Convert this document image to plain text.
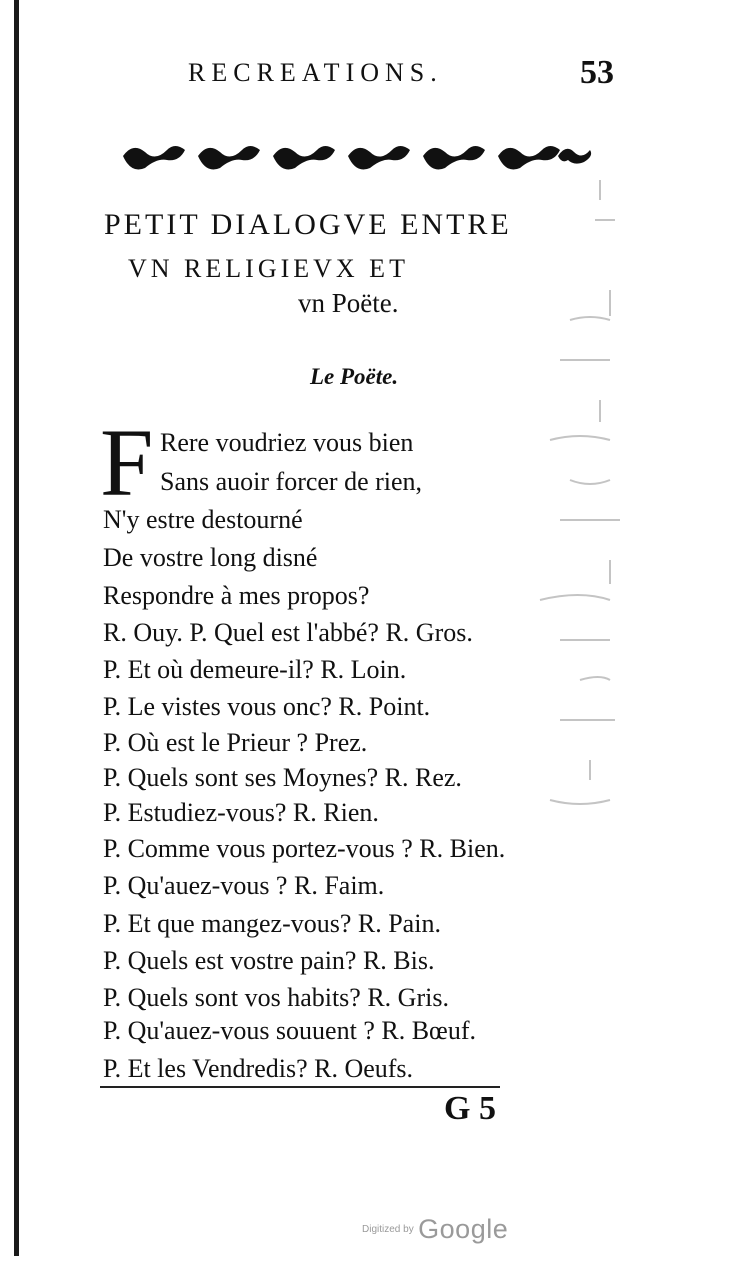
RECREATIONS.	53
PETIT DIALOGVE ENTRE
VN RELIGIEVX ET
vn Poëte.
Le Poëte.
F Rere voudriez vous bien
Sans auoir forcer de rien,
N'y estre destourné
De vostre long disné
Respondre à mes propos?
R. Ouy. P. Quel est l'abbé? R. Gros.
P. Et où demeure-il? R. Loin.
P. Le vistes vous onc? R. Point.
P. Où est le Prieur ? Prez.
P. Quels sont ses Moynes? R. Rez.
P. Estudiez-vous? R. Rien.
P. Comme vous portez-vous ? R. Bien.
P. Qu'auez-vous ? R. Faim.
P. Et que mangez-vous? R. Pain.
P. Quels est vostre pain? R. Bis.
P. Quels sont vos habits? R. Gris.
P. Qu'auez-vous souuent ? R. Bœuf.
P. Et les Vendredis? R. Oeufs.
G 5
Digitized by Google
